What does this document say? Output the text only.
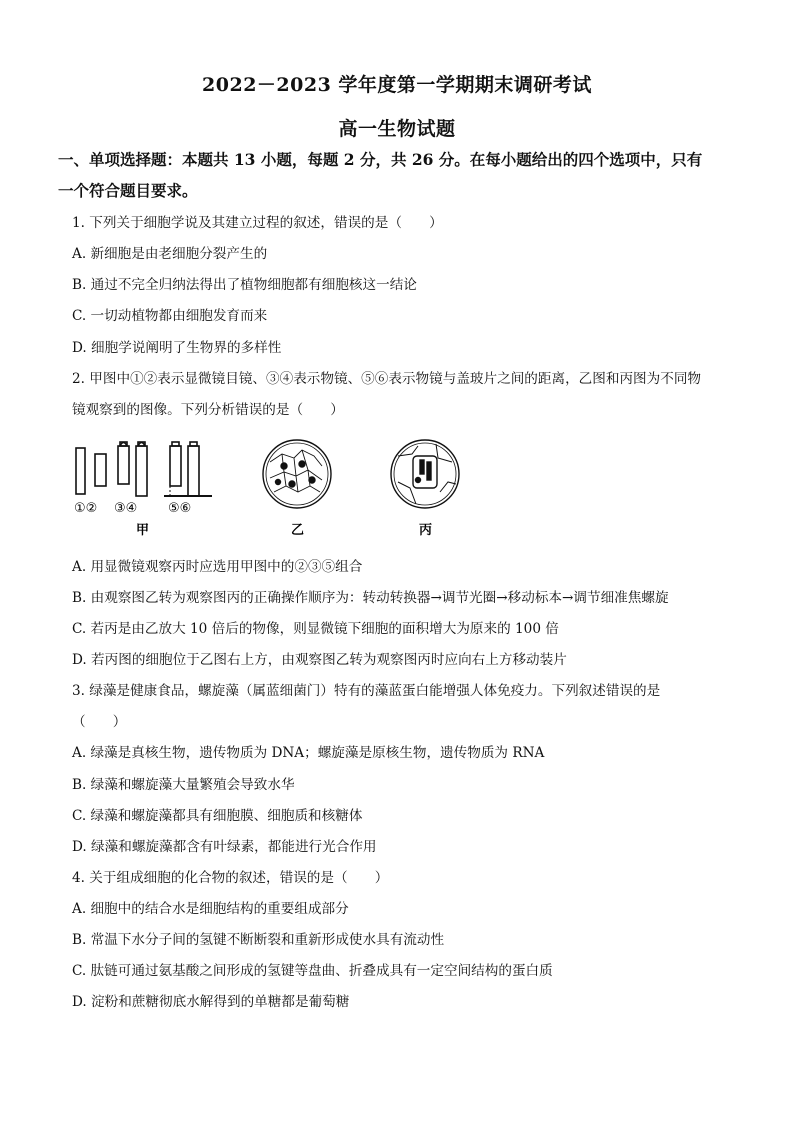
2022－2023 学年度第一学期期末调研考试
高一生物试题
一、单项选择题：本题共 13 小题，每题 2 分，共 26 分。在每小题给出的四个选项中，只有
一个符合题目要求。
1. 下列关于细胞学说及其建立过程的叙述，错误的是（　　）
A. 新细胞是由老细胞分裂产生的
B. 通过不完全归纳法得出了植物细胞都有细胞核这一结论
C. 一切动植物都由细胞发育而来
D. 细胞学说阐明了生物界的多样性
2. 甲图中①②表示显微镜目镜、③④表示物镜、⑤⑥表示物镜与盖玻片之间的距离，乙图和丙图为不同物
镜观察到的图像。下列分析错误的是（　　）
①② ③④ ⑤⑥
甲	乙	丙
A. 用显微镜观察丙时应选用甲图中的②③⑤组合
B. 由观察图乙转为观察图丙的正确操作顺序为：转动转换器→调节光圈→移动标本→调节细准焦螺旋
C. 若丙是由乙放大 10 倍后的物像，则显微镜下细胞的面积增大为原来的 100 倍
D. 若丙图的细胞位于乙图右上方，由观察图乙转为观察图丙时应向右上方移动装片
3. 绿藻是健康食品，螺旋藻（属蓝细菌门）特有的藻蓝蛋白能增强人体免疫力。下列叙述错误的是
（　　）
A. 绿藻是真核生物，遗传物质为 DNA；螺旋藻是原核生物，遗传物质为 RNA
B. 绿藻和螺旋藻大量繁殖会导致水华
C. 绿藻和螺旋藻都具有细胞膜、细胞质和核糖体
D. 绿藻和螺旋藻都含有叶绿素，都能进行光合作用
4. 关于组成细胞的化合物的叙述，错误的是（　　）
A. 细胞中的结合水是细胞结构的重要组成部分
B. 常温下水分子间的氢键不断断裂和重新形成使水具有流动性
C. 肽链可通过氨基酸之间形成的氢键等盘曲、折叠成具有一定空间结构的蛋白质
D. 淀粉和蔗糖彻底水解得到的单糖都是葡萄糖
